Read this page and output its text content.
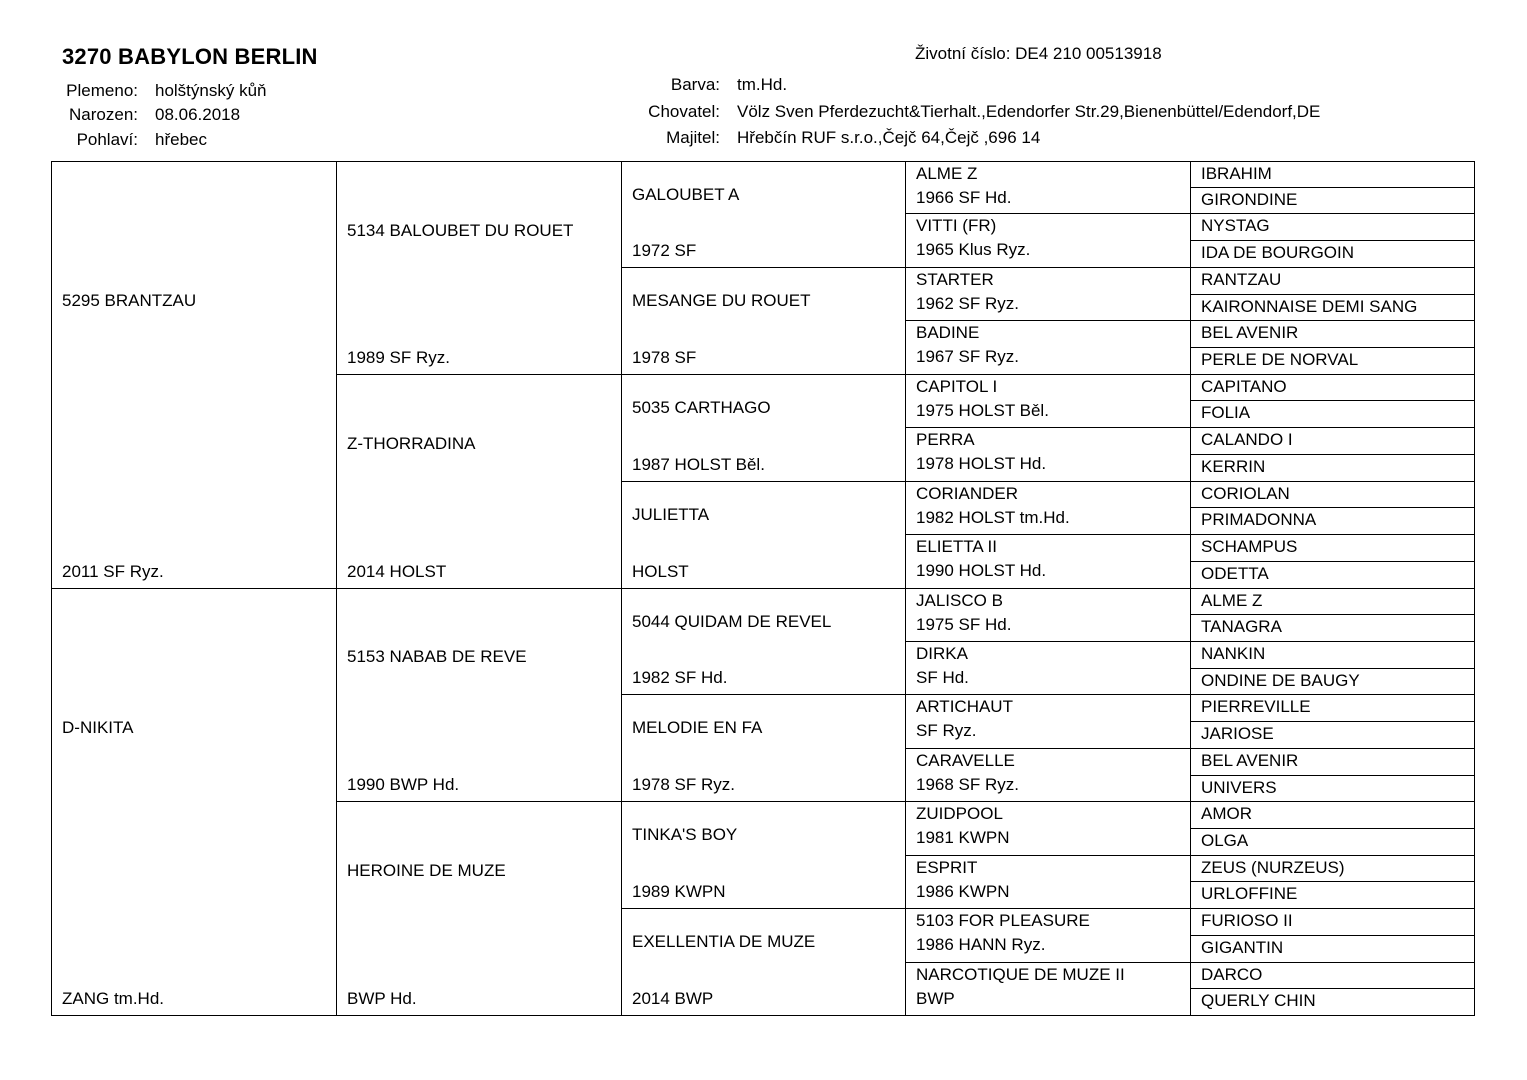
3270 BABYLON BERLIN	Životní číslo: DE4 210 00513918
Plemeno: holštýnský kůň
Narozen: 08.06.2018
Pohlaví: hřebec
Barva: tm.Hd.
Chovatel: Völz Sven Pferdezucht&Tierhalt.,Edendorfer Str.29,Bienenbüttel/Edendorf,DE
Majitel: Hřebčín RUF s.r.o.,Čejč 64,Čejč ,696 14
5295 BRANTZAU
2011 SF Ryz.
D-NIKITA
ZANG tm.Hd.
5134 BALOUBET DU ROUET
1989 SF Ryz.
Z-THORRADINA
2014 HOLST
5153 NABAB DE REVE
1990 BWP Hd.
HEROINE DE MUZE
BWP Hd.
GALOUBET A
1972 SF
MESANGE DU ROUET
1978 SF
5035 CARTHAGO
1987 HOLST Běl.
JULIETTA
HOLST
5044 QUIDAM DE REVEL
1982 SF Hd.
MELODIE EN FA
1978 SF Ryz.
TINKA'S BOY
1989 KWPN
EXELLENTIA DE MUZE
2014 BWP
ALME Z
1966 SF Hd.
VITTI (FR)
1965 Klus Ryz.
STARTER
1962 SF Ryz.
BADINE
1967 SF Ryz.
CAPITOL I
1975 HOLST Běl.
PERRA
1978 HOLST Hd.
CORIANDER
1982 HOLST tm.Hd.
ELIETTA II
1990 HOLST Hd.
JALISCO B
1975 SF Hd.
DIRKA
SF Hd.
ARTICHAUT
SF Ryz.
CARAVELLE
1968 SF Ryz.
ZUIDPOOL
1981 KWPN
ESPRIT
1986 KWPN
5103 FOR PLEASURE
1986 HANN Ryz.
NARCOTIQUE DE MUZE II
BWP
IBRAHIM
GIRONDINE
NYSTAG
IDA DE BOURGOIN
RANTZAU
KAIRONNAISE DEMI SANG
BEL AVENIR
PERLE DE NORVAL
CAPITANO
FOLIA
CALANDO I
KERRIN
CORIOLAN
PRIMADONNA
SCHAMPUS
ODETTA
ALME Z
TANAGRA
NANKIN
ONDINE DE BAUGY
PIERREVILLE
JARIOSE
BEL AVENIR
UNIVERS
AMOR
OLGA
ZEUS (NURZEUS)
URLOFFINE
FURIOSO II
GIGANTIN
DARCO
QUERLY CHIN
